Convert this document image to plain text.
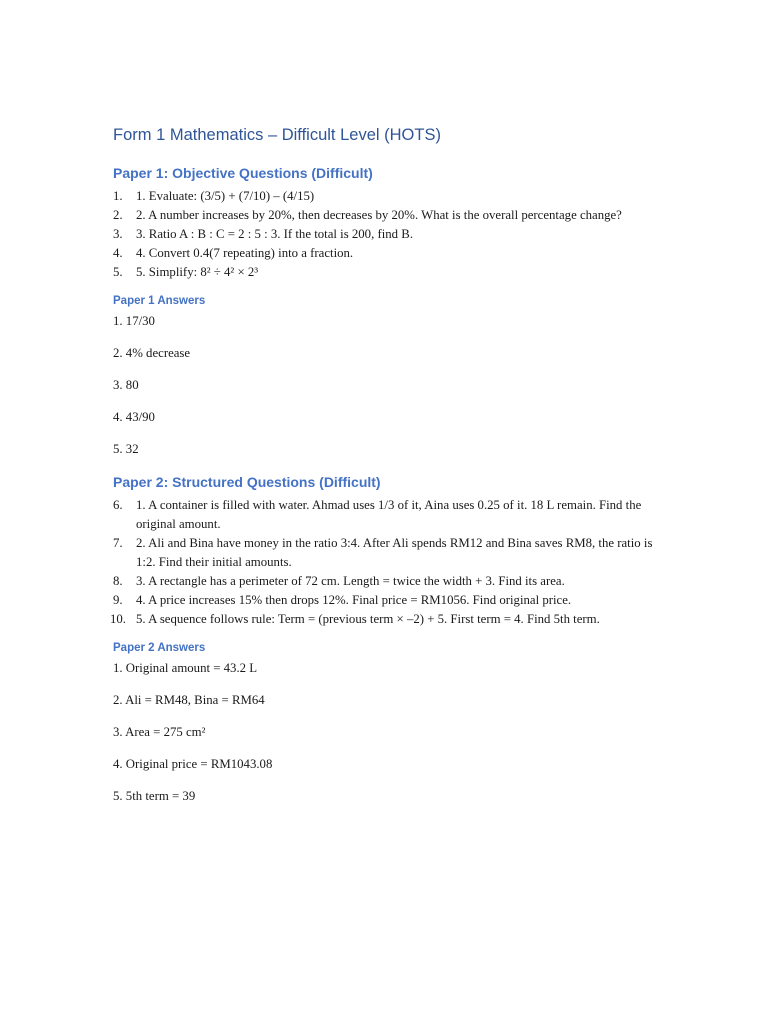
Form 1 Mathematics – Difficult Level (HOTS)
Paper 1: Objective Questions (Difficult)
1.	1. Evaluate: (3/5) + (7/10) – (4/15)
2.	2. A number increases by 20%, then decreases by 20%. What is the overall percentage change?
3.	3. Ratio A : B : C = 2 : 5 : 3. If the total is 200, find B.
4.	4. Convert 0.4(7 repeating) into a fraction.
5.	5. Simplify: 8² ÷ 4² × 2³
Paper 1 Answers

1. 17/30

2. 4% decrease

3. 80

4. 43/90

5. 32

Paper 2: Structured Questions (Difficult)
6.	1. A container is filled with water. Ahmad uses 1/3 of it, Aina uses 0.25 of it. 18 L remain. Find the original amount.
7.	2. Ali and Bina have money in the ratio 3:4. After Ali spends RM12 and Bina saves RM8, the ratio is 1:2. Find their initial amounts.
8.	3. A rectangle has a perimeter of 72 cm. Length = twice the width + 3. Find its area.
9.	4. A price increases 15% then drops 12%. Final price = RM1056. Find original price.
10. 5. A sequence follows rule: Term = (previous term × –2) + 5. First term = 4. Find 5th term.
Paper 2 Answers

1. Original amount = 43.2 L

2. Ali = RM48, Bina = RM64

3. Area = 275 cm²

4. Original price = RM1043.08

5. 5th term = 39
